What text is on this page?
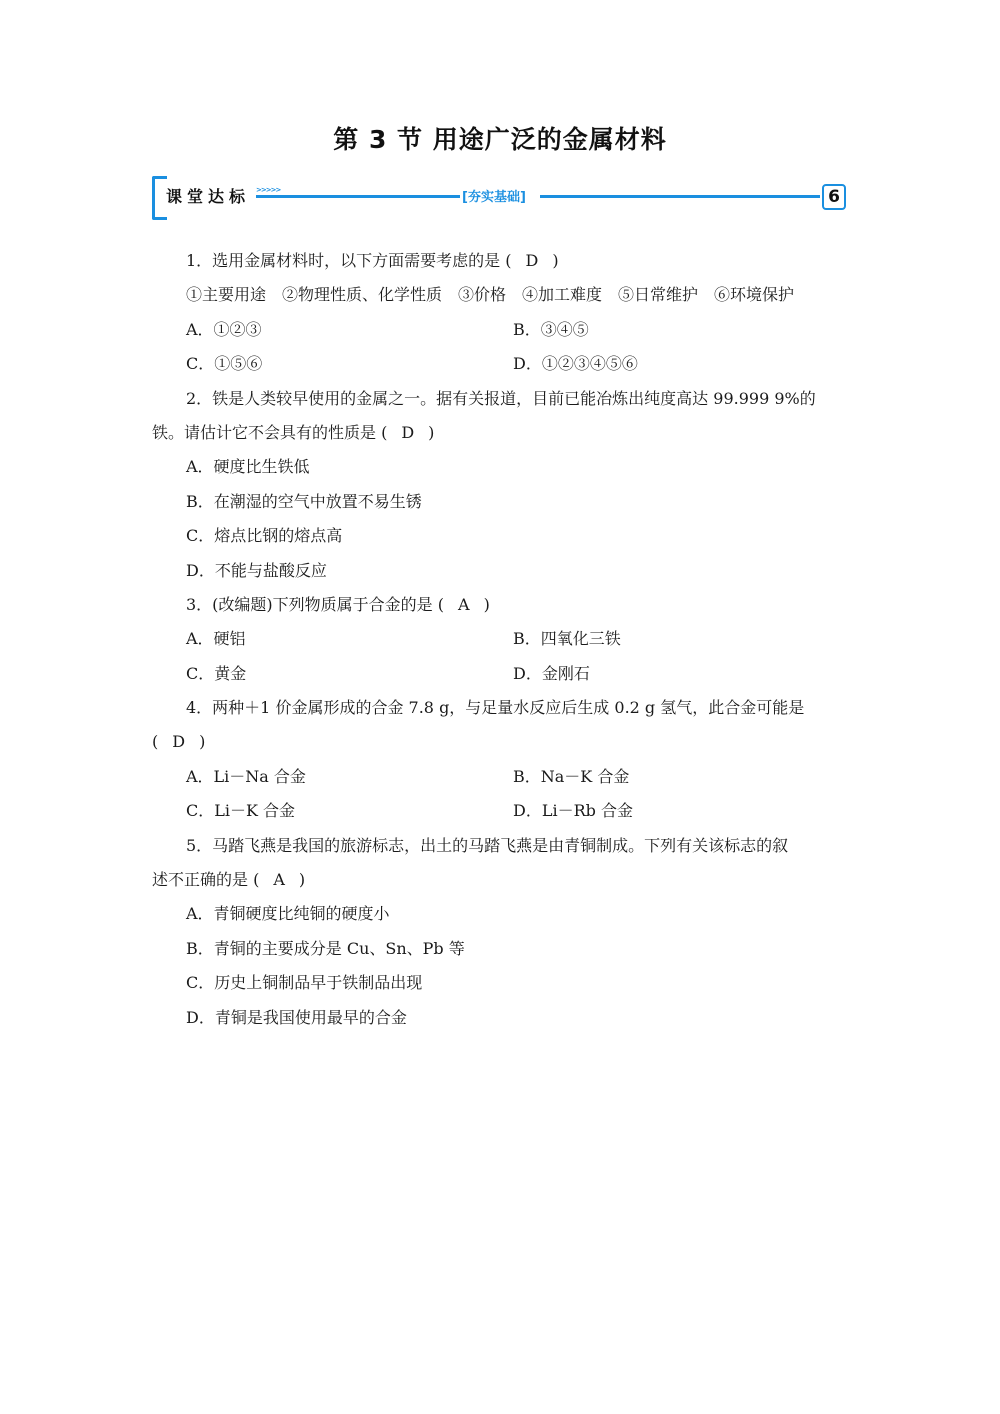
第 3 节 用途广泛的金属材料
课堂达标 >>>>>	[夯实基础]	6
1．选用金属材料时，以下方面需要考虑的是 ( D )
①主要用途　②物理性质、化学性质　③价格　④加工难度　⑤日常维护　⑥环境保护
A．①②③	B．③④⑤
C．①⑤⑥	D．①②③④⑤⑥
2．铁是人类较早使用的金属之一。据有关报道，目前已能冶炼出纯度高达 99.999 9%的
铁。请估计它不会具有的性质是 ( D )
A．硬度比生铁低
B．在潮湿的空气中放置不易生锈
C．熔点比钢的熔点高
D．不能与盐酸反应
3．(改编题)下列物质属于合金的是 ( A )
A．硬铝	B．四氧化三铁
C．黄金	D．金刚石
4．两种＋1 价金属形成的合金 7.8 g，与足量水反应后生成 0.2 g 氢气，此合金可能是
( D )
A．Li－Na 合金	B．Na－K 合金
C．Li－K 合金	D．Li－Rb 合金
5．马踏飞燕是我国的旅游标志，出土的马踏飞燕是由青铜制成。下列有关该标志的叙
述不正确的是 ( A )
A．青铜硬度比纯铜的硬度小
B．青铜的主要成分是 Cu、Sn、Pb 等
C．历史上铜制品早于铁制品出现
D．青铜是我国使用最早的合金
